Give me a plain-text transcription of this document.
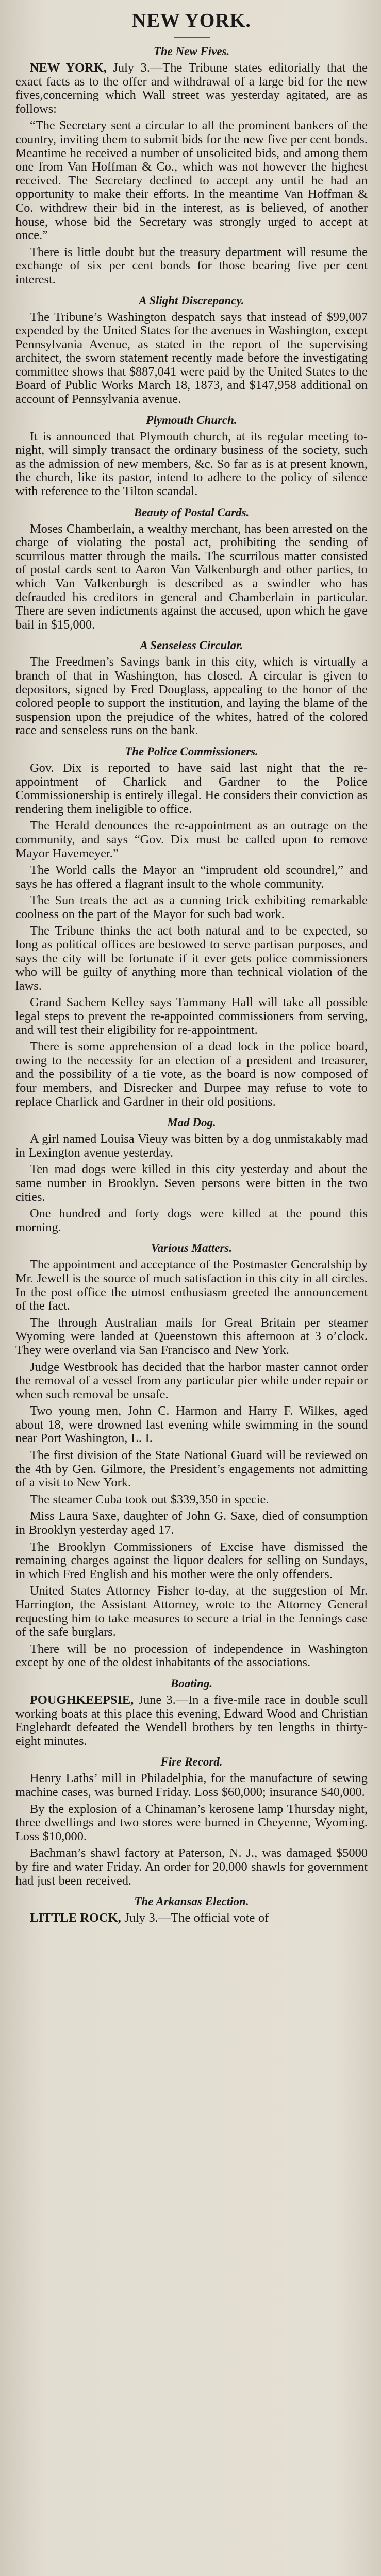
NEW YORK.
The New Fives.

NEW YORK, July 3.—The Tribune states editorially that the exact facts as to the offer and withdrawal of a large bid for the new fives,concerning which Wall street was yesterday agitated, are as follows:

“The Secretary sent a circular to all the prominent bankers of the country, inviting them to submit bids for the new five per cent bonds. Meantime he received a number of unsolicited bids, and among them one from Van Hoffman & Co., which was not however the highest received. The Secretary declined to accept any until he had an opportunity to make their efforts. In the meantime Van Hoffman & Co. withdrew their bid in the interest, as is believed, of another house, whose bid the Secretary was strongly urged to accept at once.”

There is little doubt but the treasury department will resume the exchange of six per cent bonds for those bearing five per cent interest.

A Slight Discrepancy.

The Tribune’s Washington despatch says that instead of $99,007 expended by the United States for the avenues in Washington, except Pennsylvania Avenue, as stated in the report of the supervising architect, the sworn statement recently made before the investigating committee shows that $887,041 were paid by the United States to the Board of Public Works March 18, 1873, and $147,958 additional on account of Pennsylvania avenue.

Plymouth Church.

It is announced that Plymouth church, at its regular meeting to-night, will simply transact the ordinary business of the society, such as the admission of new members, &c. So far as is at present known, the church, like its pastor, intend to adhere to the policy of silence with reference to the Tilton scandal.

Beauty of Postal Cards.

Moses Chamberlain, a wealthy merchant, has been arrested on the charge of violating the postal act, prohibiting the sending of scurrilous matter through the mails. The scurrilous matter consisted of postal cards sent to Aaron Van Valkenburgh and other parties, to which Van Valkenburgh is described as a swindler who has defrauded his creditors in general and Chamberlain in particular. There are seven indictments against the accused, upon which he gave bail in $15,000.

A Senseless Circular.

The Freedmen’s Savings bank in this city, which is virtually a branch of that in Washington, has closed. A circular is given to depositors, signed by Fred Douglass, appealing to the honor of the colored people to support the institution, and laying the blame of the suspension upon the prejudice of the whites, hatred of the colored race and senseless runs on the bank.

The Police Commissioners.

Gov. Dix is reported to have said last night that the re-appointment of Charlick and Gardner to the Police Commissionership is entirely illegal. He considers their conviction as rendering them ineligible to office.

The Herald denounces the re-appointment as an outrage on the community, and says “Gov. Dix must be called upon to remove Mayor Havemeyer.”

The World calls the Mayor an “imprudent old scoundrel,” and says he has offered a flagrant insult to the whole community.

The Sun treats the act as a cunning trick exhibiting remarkable coolness on the part of the Mayor for such bad work.

The Tribune thinks the act both natural and to be expected, so long as political offices are bestowed to serve partisan purposes, and says the city will be fortunate if it ever gets police commissioners who will be guilty of anything more than technical violation of the laws.

Grand Sachem Kelley says Tammany Hall will take all possible legal steps to prevent the re-appointed commissioners from serving, and will test their eligibility for re-appointment.

There is some apprehension of a dead lock in the police board, owing to the necessity for an election of a president and treasurer, and the possibility of a tie vote, as the board is now composed of four members, and Disrecker and Durpee may refuse to vote to replace Charlick and Gardner in their old positions.

Mad Dog.

A girl named Louisa Vieuy was bitten by a dog unmistakably mad in Lexington avenue yesterday.

Ten mad dogs were killed in this city yesterday and about the same number in Brooklyn. Seven persons were bitten in the two cities.

One hundred and forty dogs were killed at the pound this morning.

Various Matters.

The appointment and acceptance of the Postmaster Generalship by Mr. Jewell is the source of much satisfaction in this city in all circles. In the post office the utmost enthusiasm greeted the announcement of the fact.

The through Australian mails for Great Britain per steamer Wyoming were landed at Queenstown this afternoon at 3 o’clock. They were overland via San Francisco and New York.

Judge Westbrook has decided that the harbor master cannot order the removal of a vessel from any particular pier while under repair or when such removal be unsafe.

Two young men, John C. Harmon and Harry F. Wilkes, aged about 18, were drowned last evening while swimming in the sound near Port Washington, L. I.

The first division of the State National Guard will be reviewed on the 4th by Gen. Gilmore, the President’s engagements not admitting of a visit to New York.

The steamer Cuba took out $339,350 in specie.

Miss Laura Saxe, daughter of John G. Saxe, died of consumption in Brooklyn yesterday aged 17.

The Brooklyn Commissioners of Excise have dismissed the remaining charges against the liquor dealers for selling on Sundays, in which Fred English and his mother were the only offenders.

United States Attorney Fisher to-day, at the suggestion of Mr. Harrington, the Assistant Attorney, wrote to the Attorney General requesting him to take measures to secure a trial in the Jennings case of the safe burglars.

There will be no procession of independence in Washington except by one of the oldest inhabitants of the associations.

Boating.

POUGHKEEPSIE, June 3.—In a five-mile race in double scull working boats at this place this evening, Edward Wood and Christian Englehardt defeated the Wendell brothers by ten lengths in thirty-eight minutes.

Fire Record.

Henry Laths’ mill in Philadelphia, for the manufacture of sewing machine cases, was burned Friday. Loss $60,000; insurance $40,000.

By the explosion of a Chinaman’s kerosene lamp Thursday night, three dwellings and two stores were burned in Cheyenne, Wyoming. Loss $10,000.

Bachman’s shawl factory at Paterson, N. J., was damaged $5000 by fire and water Friday. An order for 20,000 shawls for government had just been received.

The Arkansas Election.

LITTLE ROCK, July 3.—The official vote of
